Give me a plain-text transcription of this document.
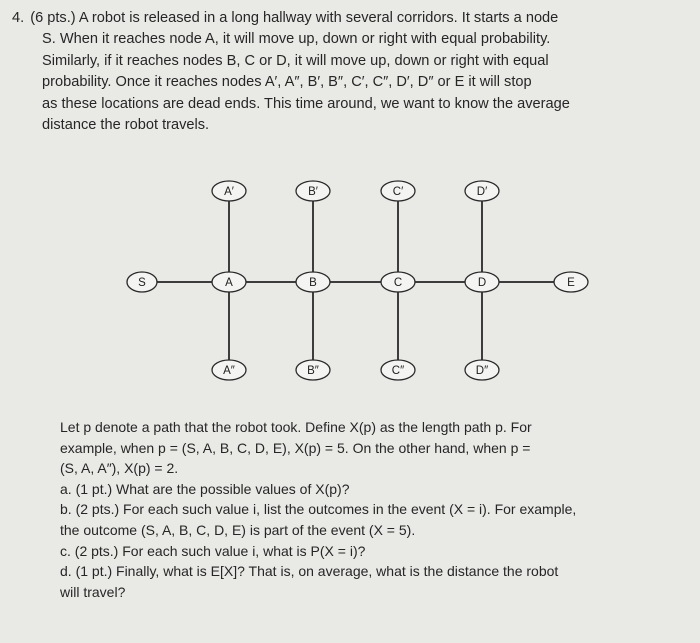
4. (6 pts.) A robot is released in a long hallway with several corridors. It starts a node
S. When it reaches node A, it will move up, down or right with equal probability.
Similarly, if it reaches nodes B, C or D, it will move up, down or right with equal
probability. Once it reaches nodes A′, A″, B′, B″, C′, C″, D′, D″ or E it will stop
as these locations are dead ends. This time around, we want to know the average
distance the robot travels.
A′	B′	C′	D′
S	A	B	C	D	E
A″	B″	C″	D″
Let p denote a path that the robot took. Define X(p) as the length path p. For
example, when p = (S, A, B, C, D, E), X(p) = 5. On the other hand, when p =
(S, A, A″), X(p) = 2.
a. (1 pt.) What are the possible values of X(p)?
b. (2 pts.) For each such value i, list the outcomes in the event (X = i). For example,
the outcome (S, A, B, C, D, E) is part of the event (X = 5).
c. (2 pts.) For each such value i, what is P(X = i)?
d. (1 pt.) Finally, what is E[X]? That is, on average, what is the distance the robot
will travel?
